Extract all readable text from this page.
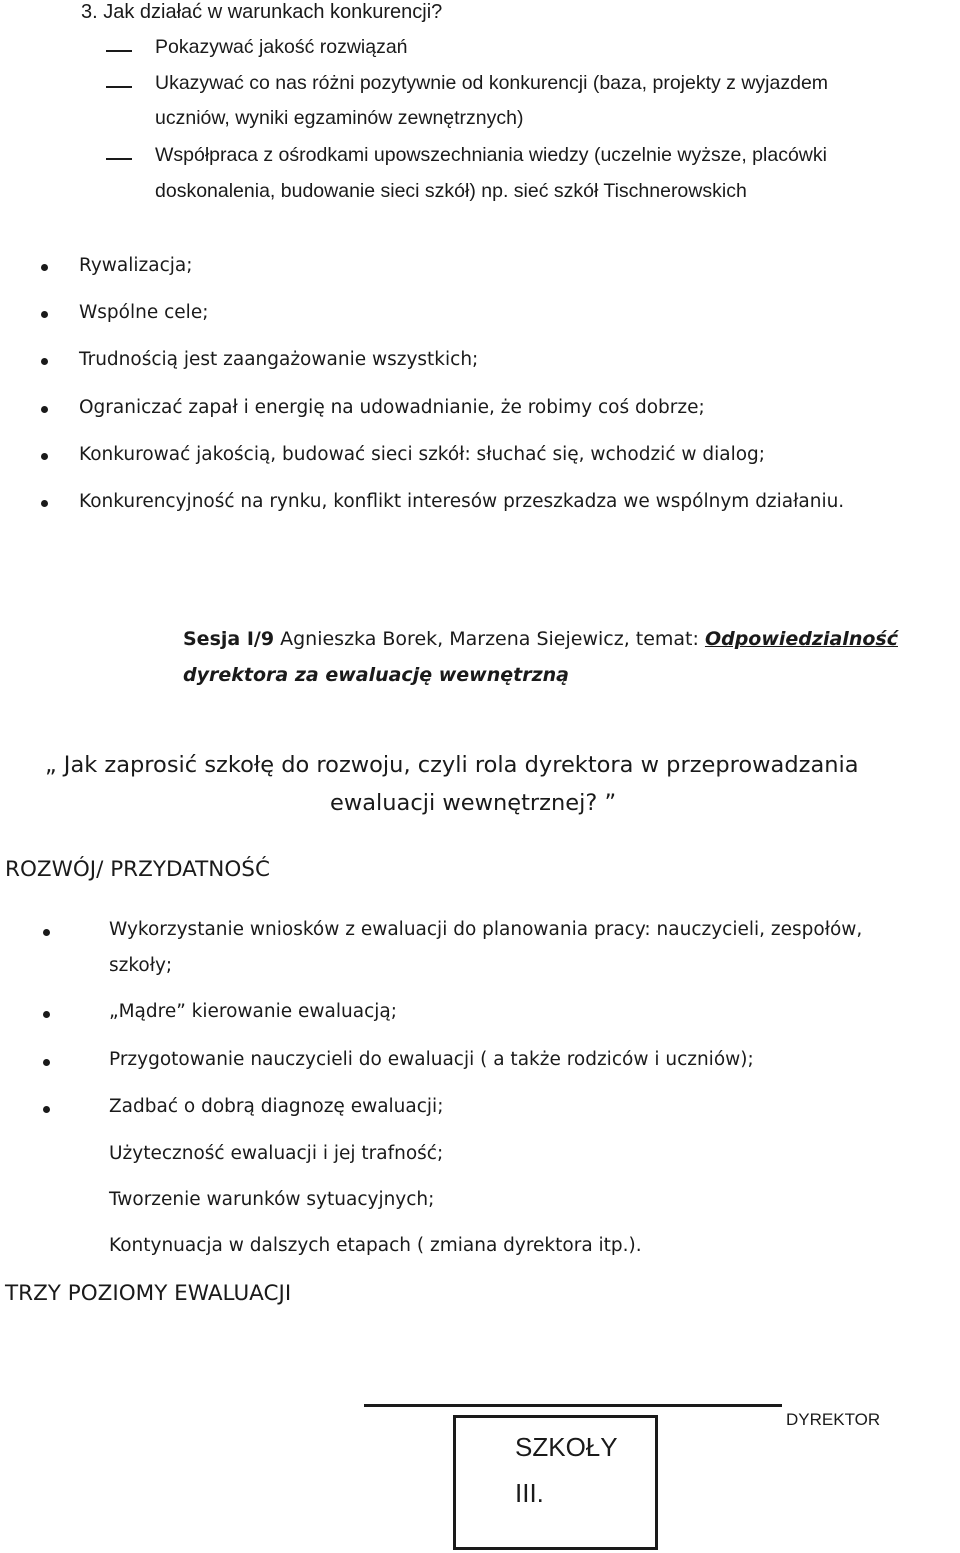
3. Jak działać w warunkach konkurencji?
Pokazywać jakość rozwiązań
Ukazywać co nas różni pozytywnie od konkurencji (baza, projekty z wyjazdem
uczniów, wyniki egzaminów zewnętrznych)
Współpraca z ośrodkami upowszechniania wiedzy (uczelnie wyższe, placówki
doskonalenia, budowanie sieci szkół) np. sieć szkół Tischnerowskich
Rywalizacja;
Wspólne cele;
Trudnością jest zaangażowanie wszystkich;
Ograniczać zapał i energię na udowadnianie, że robimy coś dobrze;
Konkurować jakością, budować sieci szkół: słuchać się, wchodzić w dialog;
Konkurencyjność na rynku, konflikt interesów przeszkadza we wspólnym działaniu.
Sesja I/9 Agnieszka Borek, Marzena Siejewicz, temat: Odpowiedzialność
dyrektora za ewaluację wewnętrzną
„ Jak zaprosić szkołę do rozwoju, czyli rola dyrektora w przeprowadzania
ewaluacji wewnętrznej? ”
ROZWÓJ/ PRZYDATNOŚĆ
Wykorzystanie wniosków z ewaluacji do planowania pracy: nauczycieli, zespołów,
szkoły;
„Mądre” kierowanie ewaluacją;
Przygotowanie nauczycieli do ewaluacji ( a także rodziców i uczniów);
Zadbać o dobrą diagnozę ewaluacji;
Użyteczność ewaluacji i jej trafność;
Tworzenie warunków sytuacyjnych;
Kontynuacja w dalszych etapach ( zmiana dyrektora itp.).
TRZY POZIOMY EWALUACJI
DYREKTOR
SZKOŁY
III.
